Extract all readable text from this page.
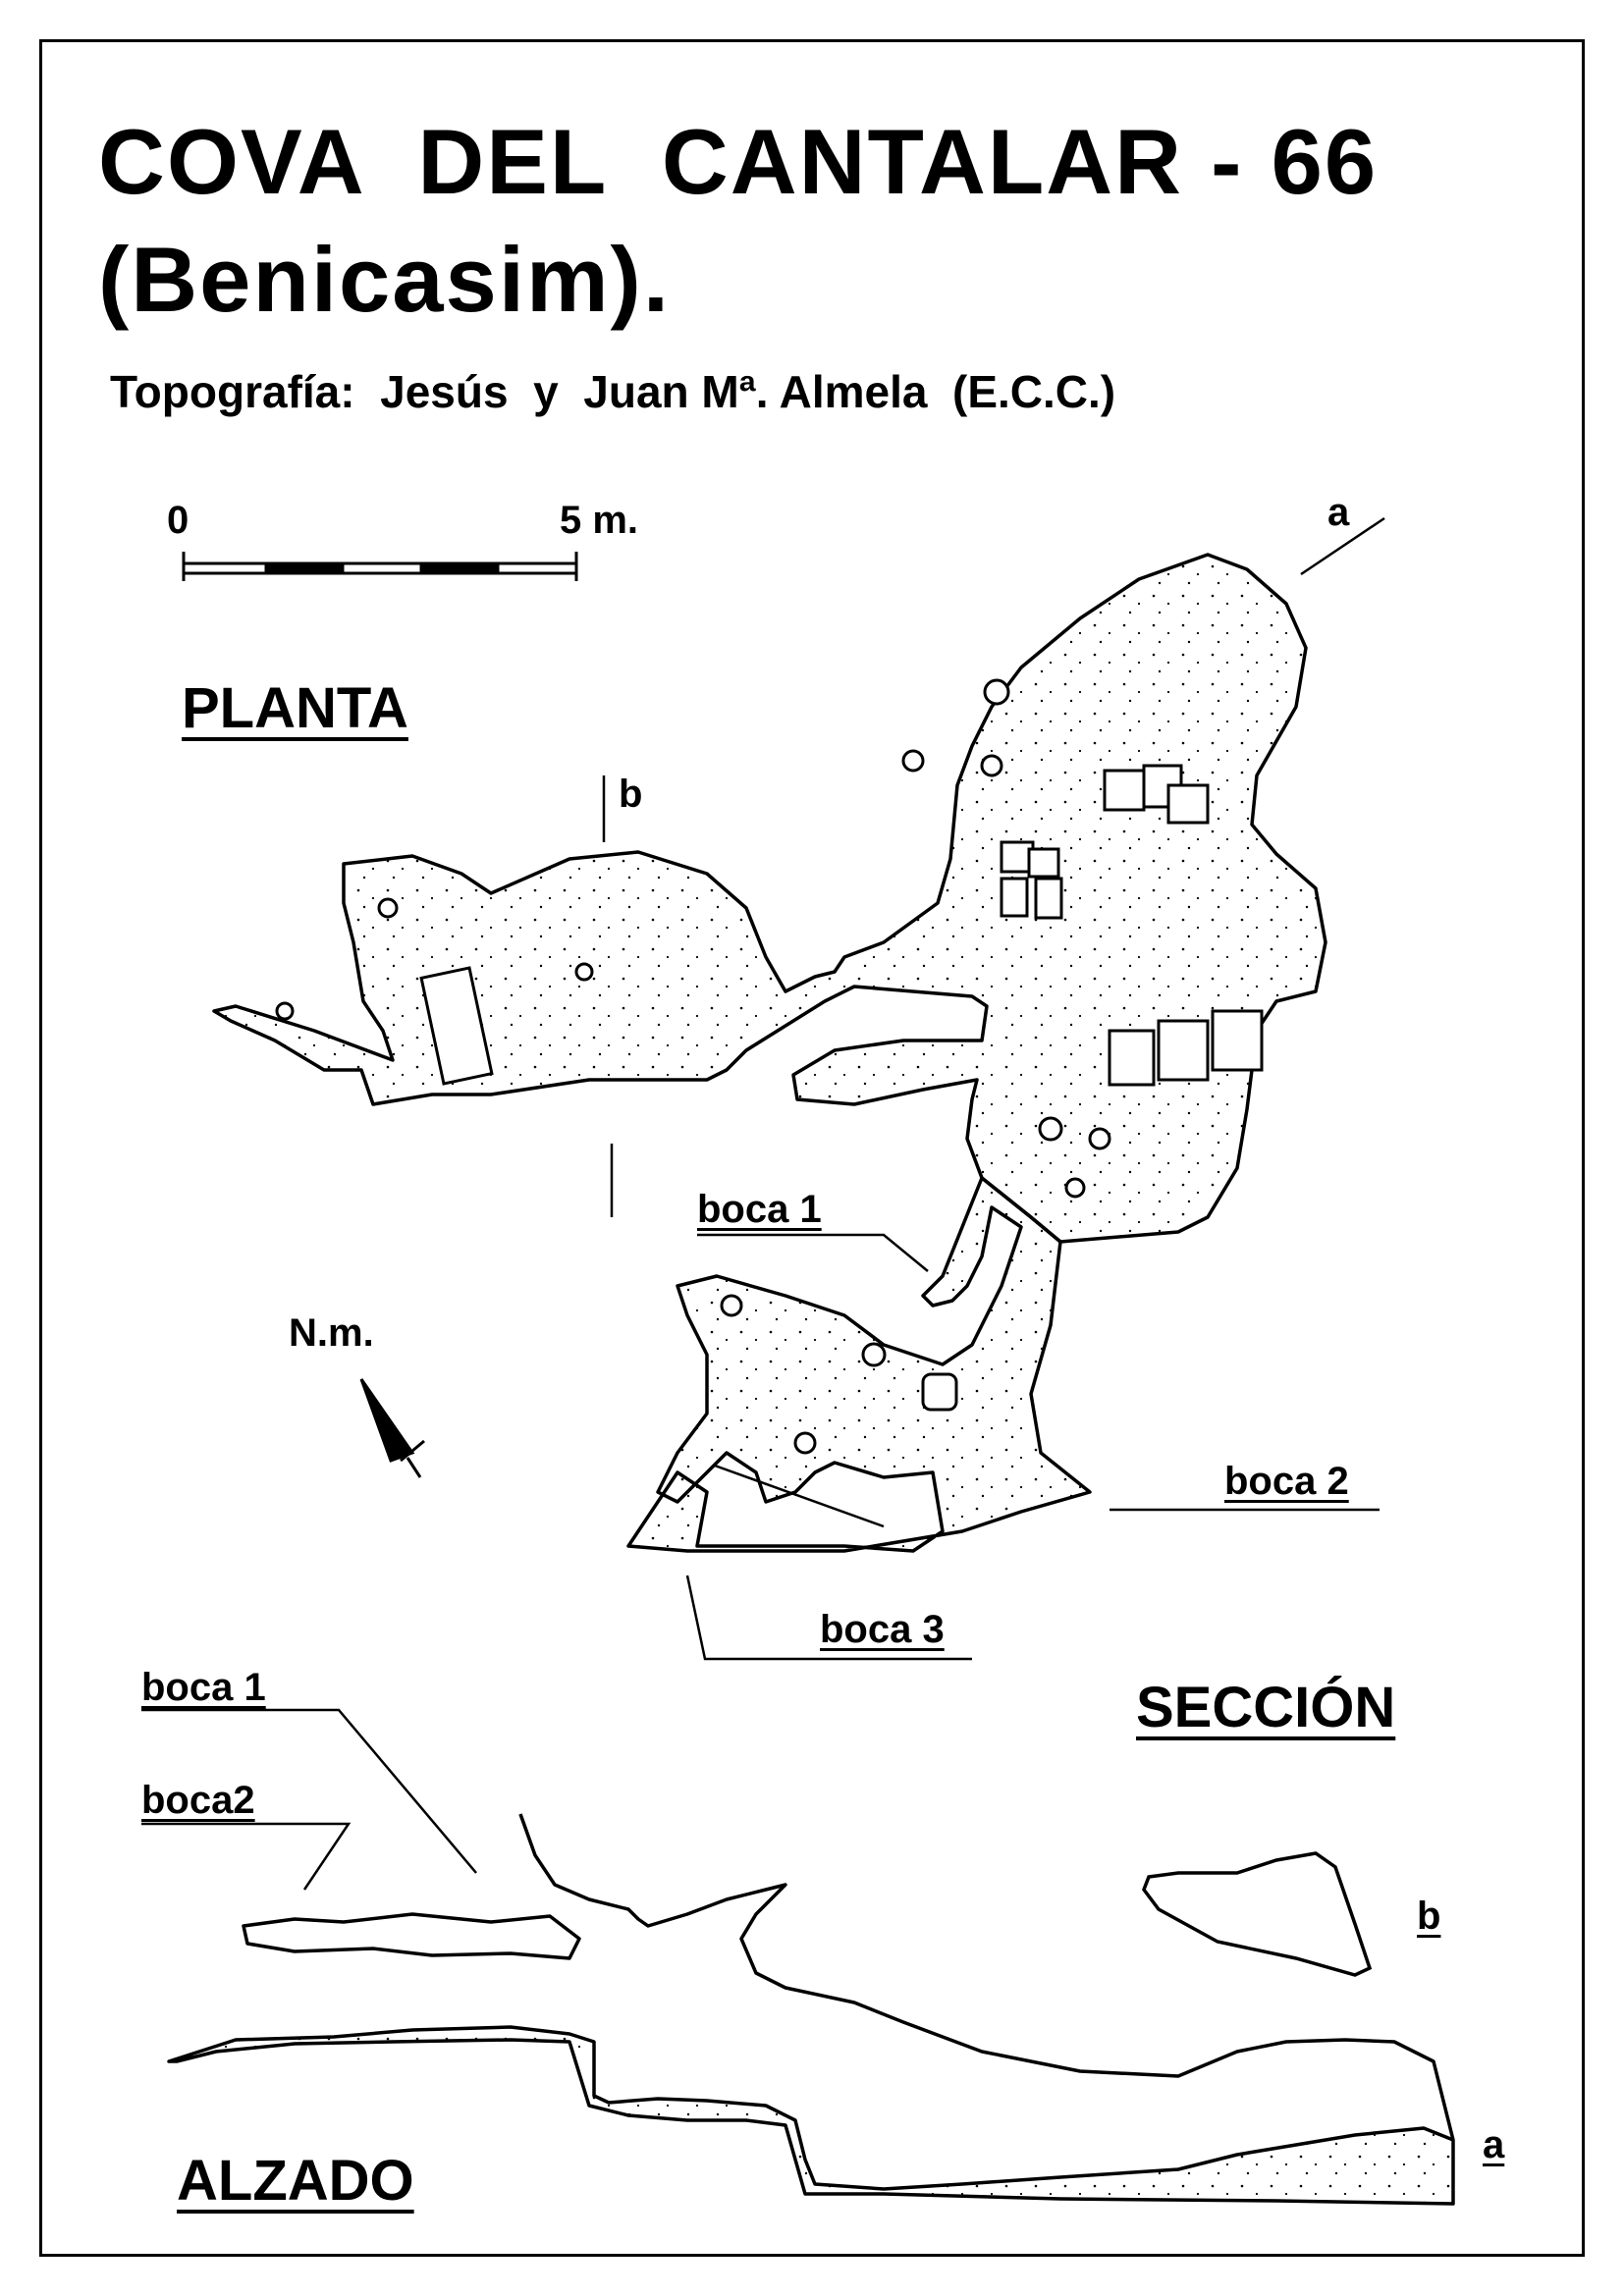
COVA  DEL  CANTALAR - 66
(Benicasim).
Topografía:  Jesús  y  Juan Mª. Almela  (E.C.C.)
0	5 m.
PLANTA
SECCIÓN
ALZADO
a
b
N.m.
boca 1
boca 2
boca 3
boca 1
boca2
b
a
